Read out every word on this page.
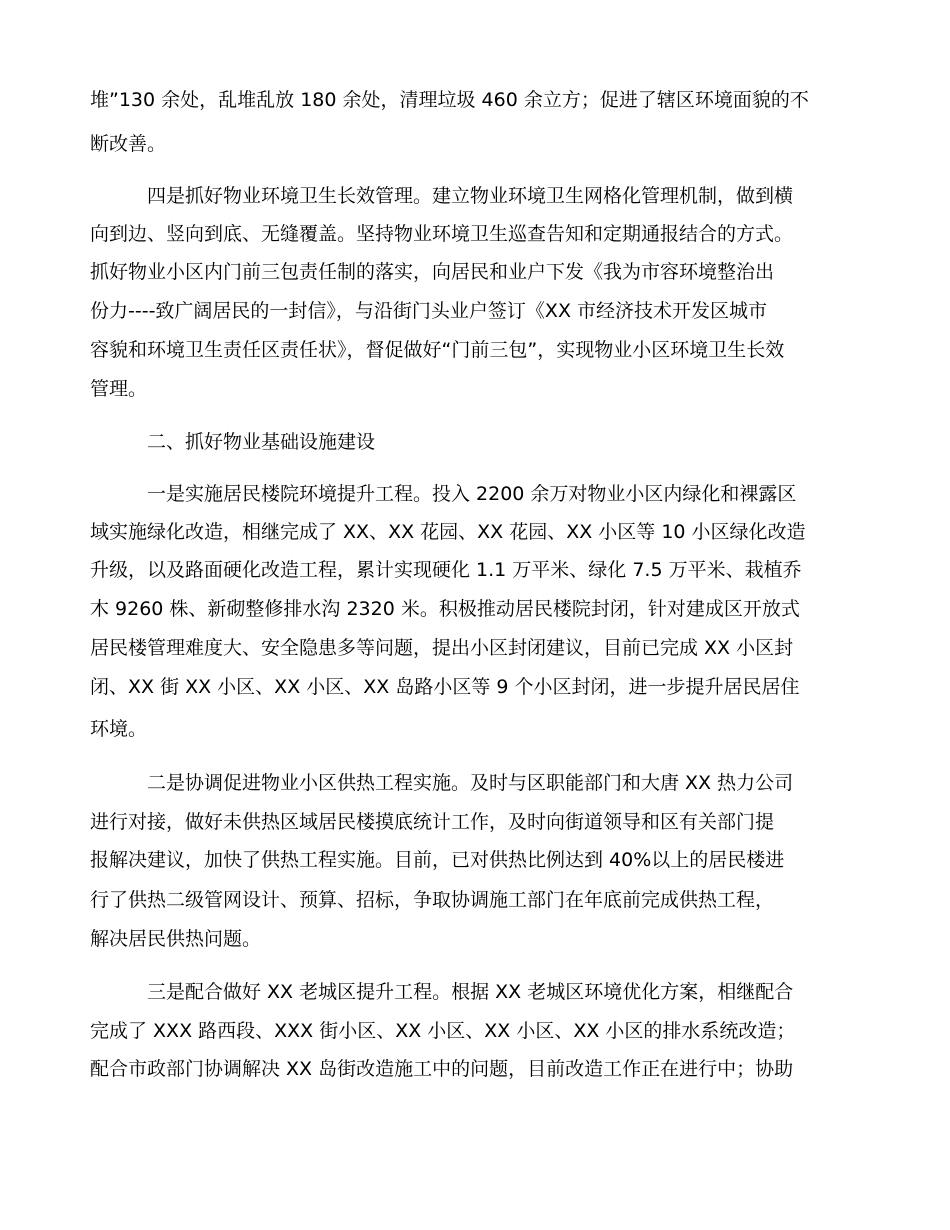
堆”130 余处，乱堆乱放 180 余处，清理垃圾 460 余立方；促进了辖区环境面貌的不
断改善。
四是抓好物业环境卫生长效管理。建立物业环境卫生网格化管理机制，做到横
向到边、竖向到底、无缝覆盖。坚持物业环境卫生巡查告知和定期通报结合的方式。
抓好物业小区内门前三包责任制的落实，向居民和业户下发《我为市容环境整治出
份力----致广阔居民的一封信》，与沿街门头业户签订《XX 市经济技术开发区城市
容貌和环境卫生责任区责任状》，督促做好“门前三包”，实现物业小区环境卫生长效
管理。
二、抓好物业基础设施建设
一是实施居民楼院环境提升工程。投入 2200 余万对物业小区内绿化和裸露区
域实施绿化改造，相继完成了 XX、XX 花园、XX 花园、XX 小区等 10 小区绿化改造
升级，以及路面硬化改造工程，累计实现硬化 1.1 万平米、绿化 7.5 万平米、栽植乔
木 9260 株、新砌整修排水沟 2320 米。积极推动居民楼院封闭，针对建成区开放式
居民楼管理难度大、安全隐患多等问题，提出小区封闭建议，目前已完成 XX 小区封
闭、XX 街 XX 小区、XX 小区、XX 岛路小区等 9 个小区封闭，进一步提升居民居住
环境。
二是协调促进物业小区供热工程实施。及时与区职能部门和大唐 XX 热力公司
进行对接，做好未供热区域居民楼摸底统计工作，及时向街道领导和区有关部门提
报解决建议，加快了供热工程实施。目前，已对供热比例达到 40%以上的居民楼进
行了供热二级管网设计、预算、招标，争取协调施工部门在年底前完成供热工程，
解决居民供热问题。
三是配合做好 XX 老城区提升工程。根据 XX 老城区环境优化方案，相继配合
完成了 XXX 路西段、XXX 街小区、XX 小区、XX 小区、XX 小区的排水系统改造；
配合市政部门协调解决 XX 岛街改造施工中的问题，目前改造工作正在进行中；协助
